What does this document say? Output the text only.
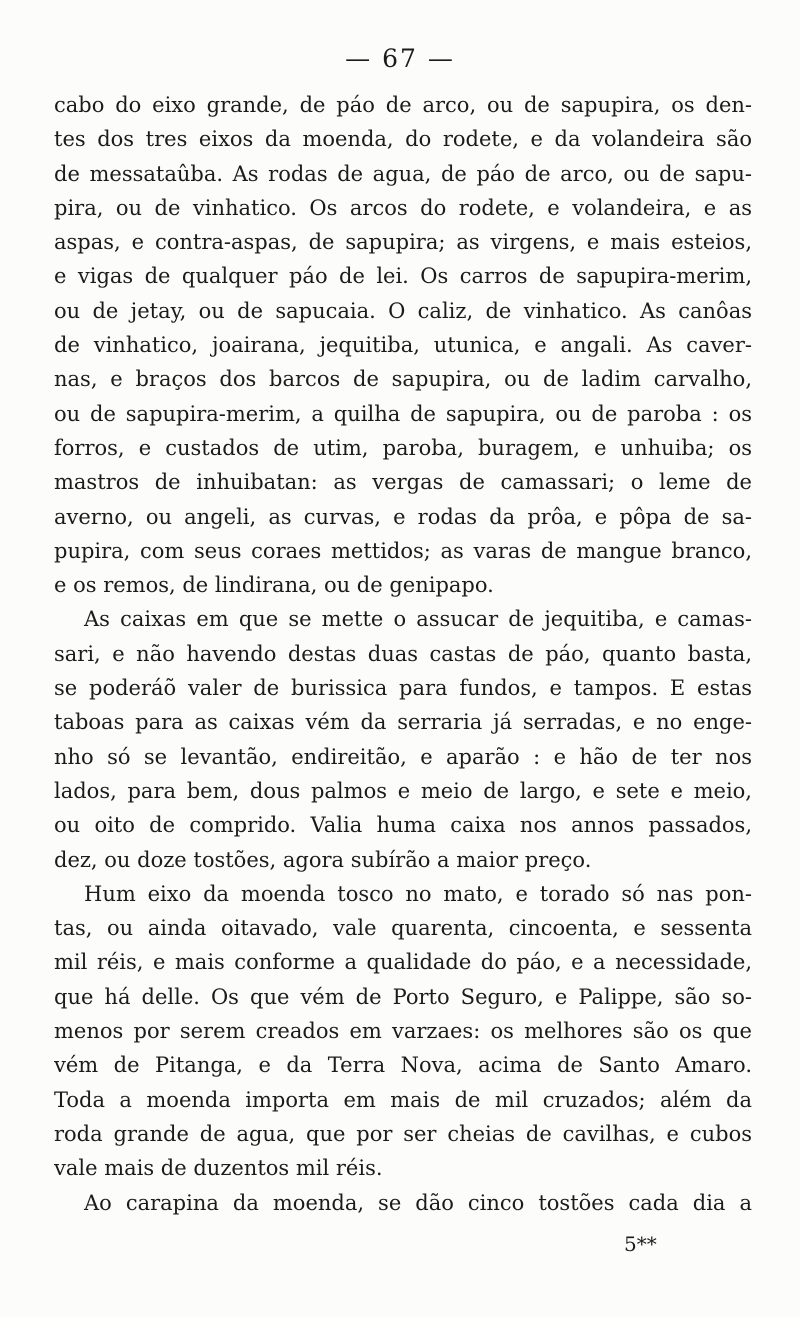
— 67 —
cabo do eixo grande, de páo de arco, ou de sapupira, os den-
tes dos tres eixos da moenda, do rodete, e da volandeira são
de messataûba. As rodas de agua, de páo de arco, ou de sapu-
pira, ou de vinhatico. Os arcos do rodete, e volandeira, e as
aspas, e contra-aspas, de sapupira; as virgens, e mais esteios,
e vigas de qualquer páo de lei. Os carros de sapupira-merim,
ou de jetay, ou de sapucaia. O caliz, de vinhatico. As canôas
de vinhatico, joairana, jequitiba, utunica, e angali. As caver-
nas, e braços dos barcos de sapupira, ou de ladim carvalho,
ou de sapupira-merim, a quilha de sapupira, ou de paroba : os
forros, e custados de utim, paroba, buragem, e unhuiba; os
mastros de inhuibatan: as vergas de camassari; o leme de
averno, ou angeli, as curvas, e rodas da prôa, e pôpa de sa-
pupira, com seus coraes mettidos; as varas de mangue branco,
e os remos, de lindirana, ou de genipapo.
As caixas em que se mette o assucar de jequitiba, e camas-
sari, e não havendo destas duas castas de páo, quanto basta,
se poderáõ valer de burissica para fundos, e tampos. E estas
taboas para as caixas vém da serraria já serradas, e no enge-
nho só se levantão, endireitão, e aparão : e hão de ter nos
lados, para bem, dous palmos e meio de largo, e sete e meio,
ou oito de comprido. Valia huma caixa nos annos passados,
dez, ou doze tostões, agora subírão a maior preço.
Hum eixo da moenda tosco no mato, e torado só nas pon-
tas, ou ainda oitavado, vale quarenta, cincoenta, e sessenta
mil réis, e mais conforme a qualidade do páo, e a necessidade,
que há delle. Os que vém de Porto Seguro, e Palippe, são so-
menos por serem creados em varzaes: os melhores são os que
vém de Pitanga, e da Terra Nova, acima de Santo Amaro.
Toda a moenda importa em mais de mil cruzados; além da
roda grande de agua, que por ser cheias de cavilhas, e cubos
vale mais de duzentos mil réis.
Ao carapina da moenda, se dão cinco tostões cada dia a
5**
